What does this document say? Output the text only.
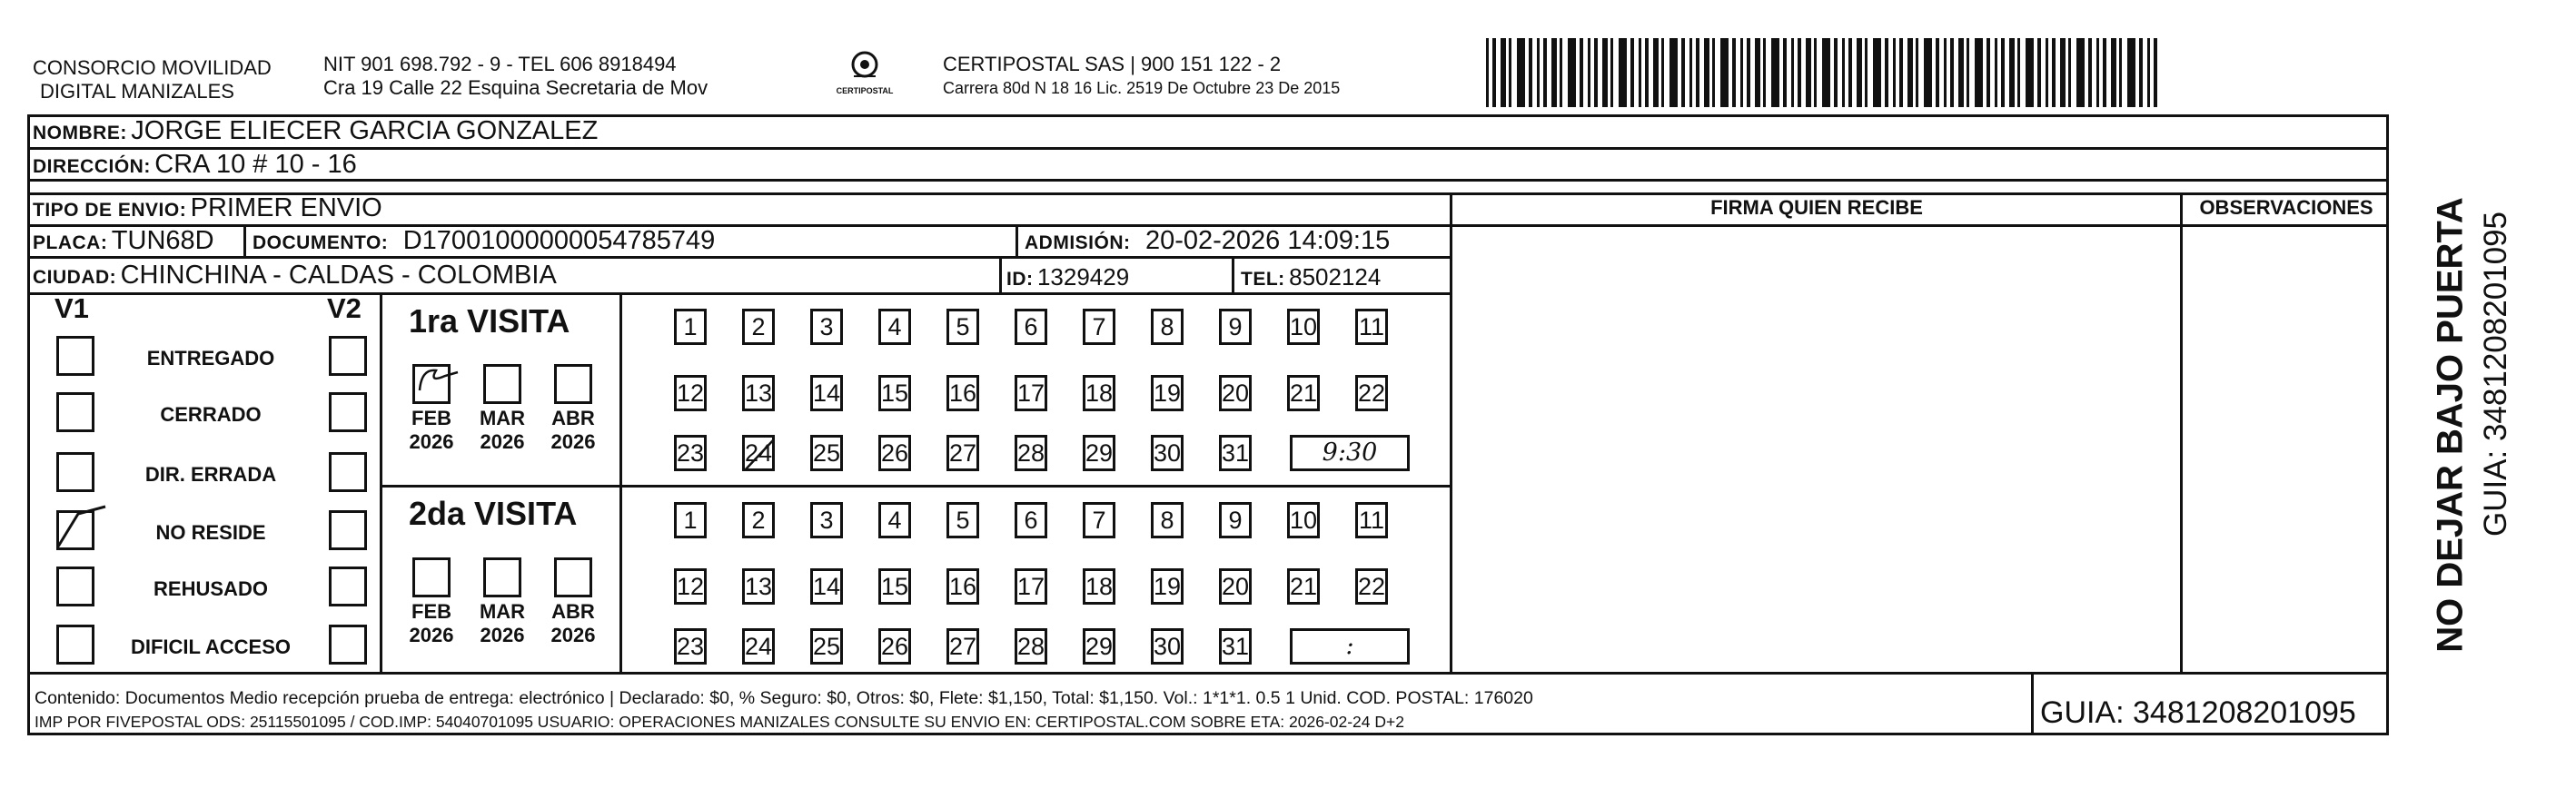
CONSORCIO MOVILIDAD
DIGITAL MANIZALES
NIT 901 698.792 - 9 - TEL 606 8918494
Cra 19 Calle 22 Esquina Secretaria de Mov	CERTIPOSTAL
CERTIPOSTAL SAS | 900 151 122 - 2
Carrera 80d N 18 16 Lic. 2519 De Octubre 23 De 2015
NOMBRE: JORGE ELIECER GARCIA GONZALEZ
DIRECCIÓN: CRA 10 # 10 - 16
TIPO DE ENVIO: PRIMER ENVIO	FIRMA QUIEN RECIBE	OBSERVACIONES
PLACA: TUN68D DOCUMENTO: D17001000000054785749	ADMISIÓN: 20-02-2026 14:09:15
CIUDAD: CHINCHINA - CALDAS - COLOMBIA	ID: 1329429	TEL: 8502124
V1	V2
ENTREGADO
CERRADO
DIR. ERRADA
NO RESIDE
REHUSADO
DIFICIL ACCESO
1ra VISITA
2da VISITA
1	2	3	4	5	6	7	8	9	10 11
12 13 14 15 16 17 18 19 20 21 22
23 24 25 26 27 28 29 30 31	9:30
FEB
2026
MAR
2026
ABR
2026
1	2	3	4	5	6	7	8	9	10 11
12 13 14 15 16 17 18 19 20 21 22
23 24 25 26 27 28 29 30 31	:
FEB
2026
MAR
2026
ABR
2026
Contenido: Documentos Medio recepción prueba de entrega: electrónico | Declarado: $0, % Seguro: $0, Otros: $0, Flete: $1,150, Total: $1,150. Vol.: 1*1*1. 0.5 1 Unid. COD. POSTAL: 176020
IMP POR FIVEPOSTAL ODS: 25115501095 / COD.IMP: 54040701095 USUARIO: OPERACIONES MANIZALES CONSULTE SU ENVIO EN: CERTIPOSTAL.COM SOBRE ETA: 2026-02-24 D+2	GUIA: 3481208201095
NO DEJAR BAJO PUERTA GUIA: 3481208201095
